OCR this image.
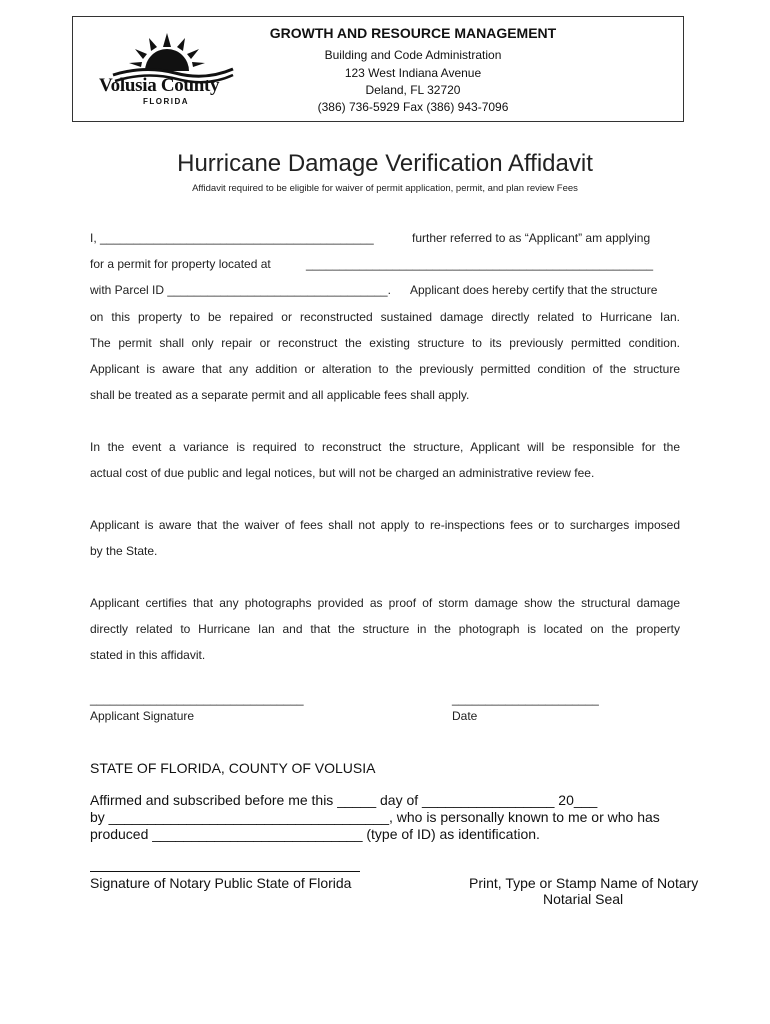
Volusia County
FLORIDA
GROWTH AND RESOURCE MANAGEMENT
Building and Code Administration
123 West Indiana Avenue
Deland, FL 32720
(386) 736-5929 Fax (386) 943-7096
Hurricane Damage Verification Affidavit
Affidavit required to be eligible for waiver of permit application, permit, and plan review Fees
I, _________________________________________	further referred to as “Applicant” am applying
for a permit for property located at	____________________________________________________
with Parcel ID _________________________________. Applicant does hereby certify that the structure
on this property to be repaired or reconstructed sustained damage directly related to Hurricane Ian.
The permit shall only repair or reconstruct the existing structure to its previously permitted condition.
Applicant is aware that any addition or alteration to the previously permitted condition of the structure
shall be treated as a separate permit and all applicable fees shall apply.
In the event a variance is required to reconstruct the structure, Applicant will be responsible for the
actual cost of due public and legal notices, but will not be charged an administrative review fee.
Applicant is aware that the waiver of fees shall not apply to re-inspections fees or to surcharges imposed
by the State.
Applicant certifies that any photographs provided as proof of storm damage show the structural damage
directly related to Hurricane Ian and that the structure in the photograph is located on the property
stated in this affidavit.
________________________________
Applicant Signature
______________________
Date
STATE OF FLORIDA, COUNTY OF VOLUSIA
Affirmed and subscribed before me this _____ day of _________________ 20___
by ____________________________________, who is personally known to me or who has
produced ___________________________ (type of ID) as identification.
Signature of Notary Public State of Florida	Print, Type or Stamp Name of Notary
Notarial Seal
